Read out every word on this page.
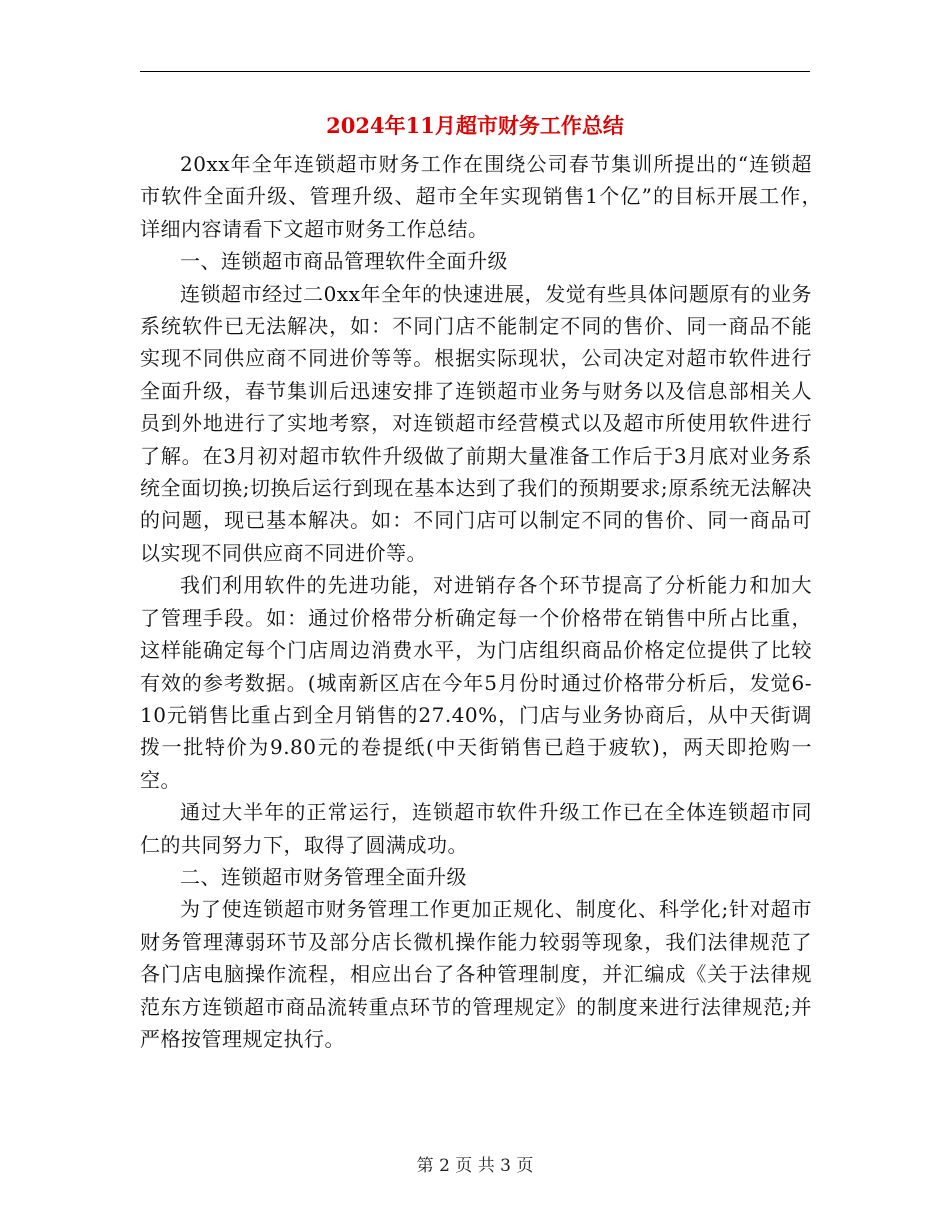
2024年11月超市财务工作总结

20xx年全年连锁超市财务工作在围绕公司春节集训所提出的“连锁超市软件全面升级、管理升级、超市全年实现销售1个亿”的目标开展工作，　详细内容请看下文超市财务工作总结。

一、连锁超市商品管理软件全面升级

连锁超市经过二0xx年全年的快速进展，发觉有些具体问题原有的业务系统软件已无法解决，如：不同门店不能制定不同的售价、同一商品不能实现不同供应商不同进价等等。根据实际现状，公司决定对超市软件进行全面升级，春节集训后迅速安排了连锁超市业务与财务以及信息部相关人员到外地进行了实地考察，对连锁超市经营模式以及超市所使用软件进行了解。在3月初对超市软件升级做了前期大量准备工作后于3月底对业务系统全面切换;切换后运行到现在基本达到了我们的预期要求;原系统无法解决的问题，现已基本解决。如：不同门店可以制定不同的售价、同一商品可以实现不同供应商不同进价等。

我们利用软件的先进功能，对进销存各个环节提高了分析能力和加大了管理手段。如：通过价格带分析确定每一个价格带在销售中所占比重，这样能确定每个门店周边消费水平，为门店组织商品价格定位提供了比较有效的参考数据。(城南新区店在今年5月份时通过价格带分析后，发觉6-10元销售比重占到全月销售的27.40%，门店与业务协商后，从中天街调拨一批特价为9.80元的卷提纸(中天街销售已趋于疲软)，两天即抢购一空。

通过大半年的正常运行，连锁超市软件升级工作已在全体连锁超市同仁的共同努力下，取得了圆满成功。

二、连锁超市财务管理全面升级

为了使连锁超市财务管理工作更加正规化、制度化、科学化;针对超市财务管理薄弱环节及部分店长微机操作能力较弱等现象，我们法律规范了各门店电脑操作流程，相应出台了各种管理制度，并汇编成《关于法律规范东方连锁超市商品流转重点环节的管理规定》的制度来进行法律规范;并严格按管理规定执行。

第 2 页 共 3 页
